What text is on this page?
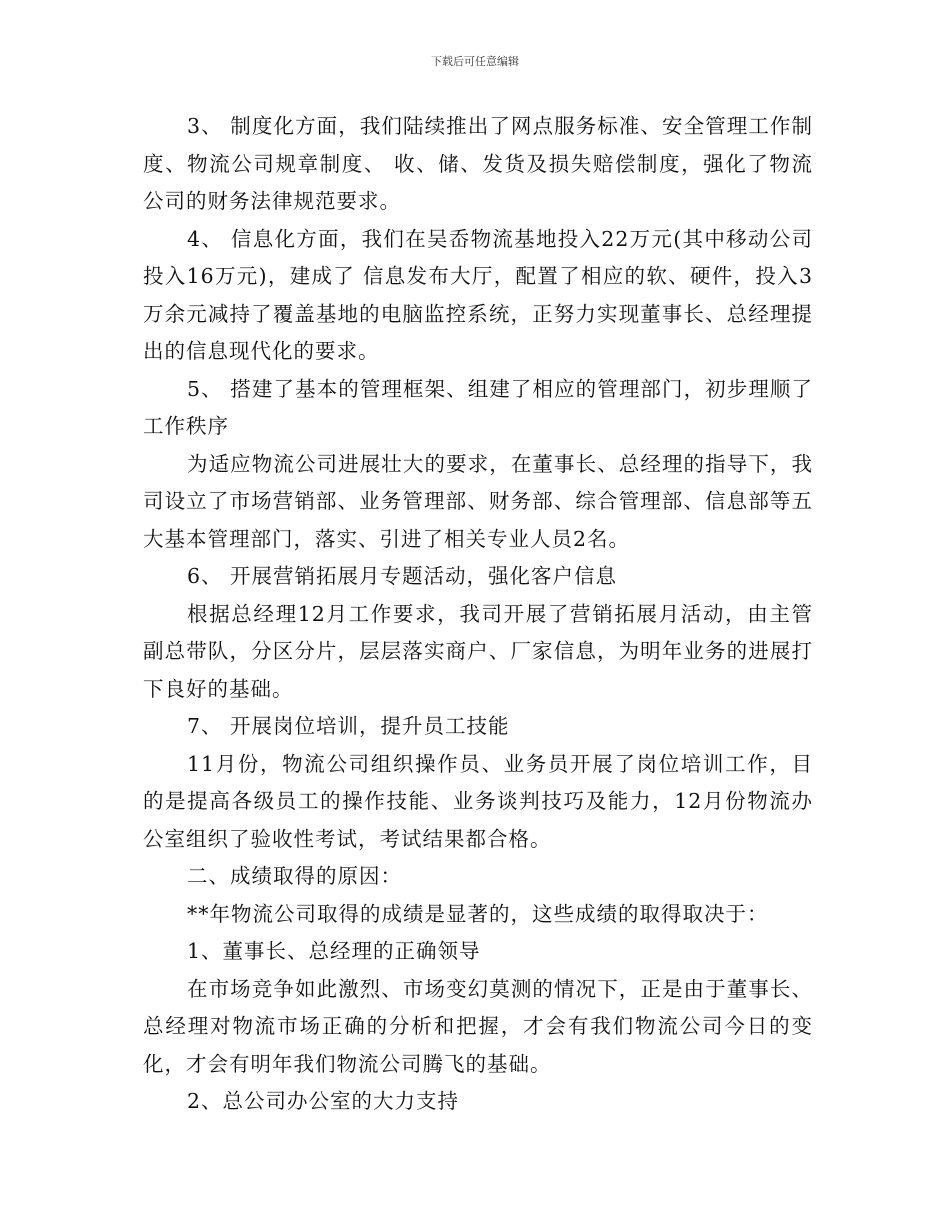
下载后可任意编辑

3、 制度化方面，我们陆续推出了网点服务标准、安全管理工作制度、物流公司规章制度、 收、储、发货及损失赔偿制度，强化了物流公司的财务法律规范要求。

4、 信息化方面，我们在吴岙物流基地投入22万元(其中移动公司投入16万元)，建成了 信息发布大厅，配置了相应的软、硬件，投入3万余元减持了覆盖基地的电脑监控系统，正努力实现董事长、总经理提出的信息现代化的要求。

5、 搭建了基本的管理框架、组建了相应的管理部门，初步理顺了工作秩序

为适应物流公司进展壮大的要求，在董事长、总经理的指导下，我司设立了市场营销部、业务管理部、财务部、综合管理部、信息部等五大基本管理部门，落实、引进了相关专业人员2名。

6、 开展营销拓展月专题活动，强化客户信息

根据总经理12月工作要求，我司开展了营销拓展月活动，由主管副总带队，分区分片，层层落实商户、厂家信息，为明年业务的进展打下良好的基础。

7、 开展岗位培训，提升员工技能

11月份，物流公司组织操作员、业务员开展了岗位培训工作，目的是提高各级员工的操作技能、业务谈判技巧及能力，12月份物流办公室组织了验收性考试，考试结果都合格。

二、成绩取得的原因：

**年物流公司取得的成绩是显著的，这些成绩的取得取决于：

1、董事长、总经理的正确领导

在市场竞争如此激烈、市场变幻莫测的情况下，正是由于董事长、总经理对物流市场正确的分析和把握，才会有我们物流公司今日的变化，才会有明年我们物流公司腾飞的基础。

2、总公司办公室的大力支持
